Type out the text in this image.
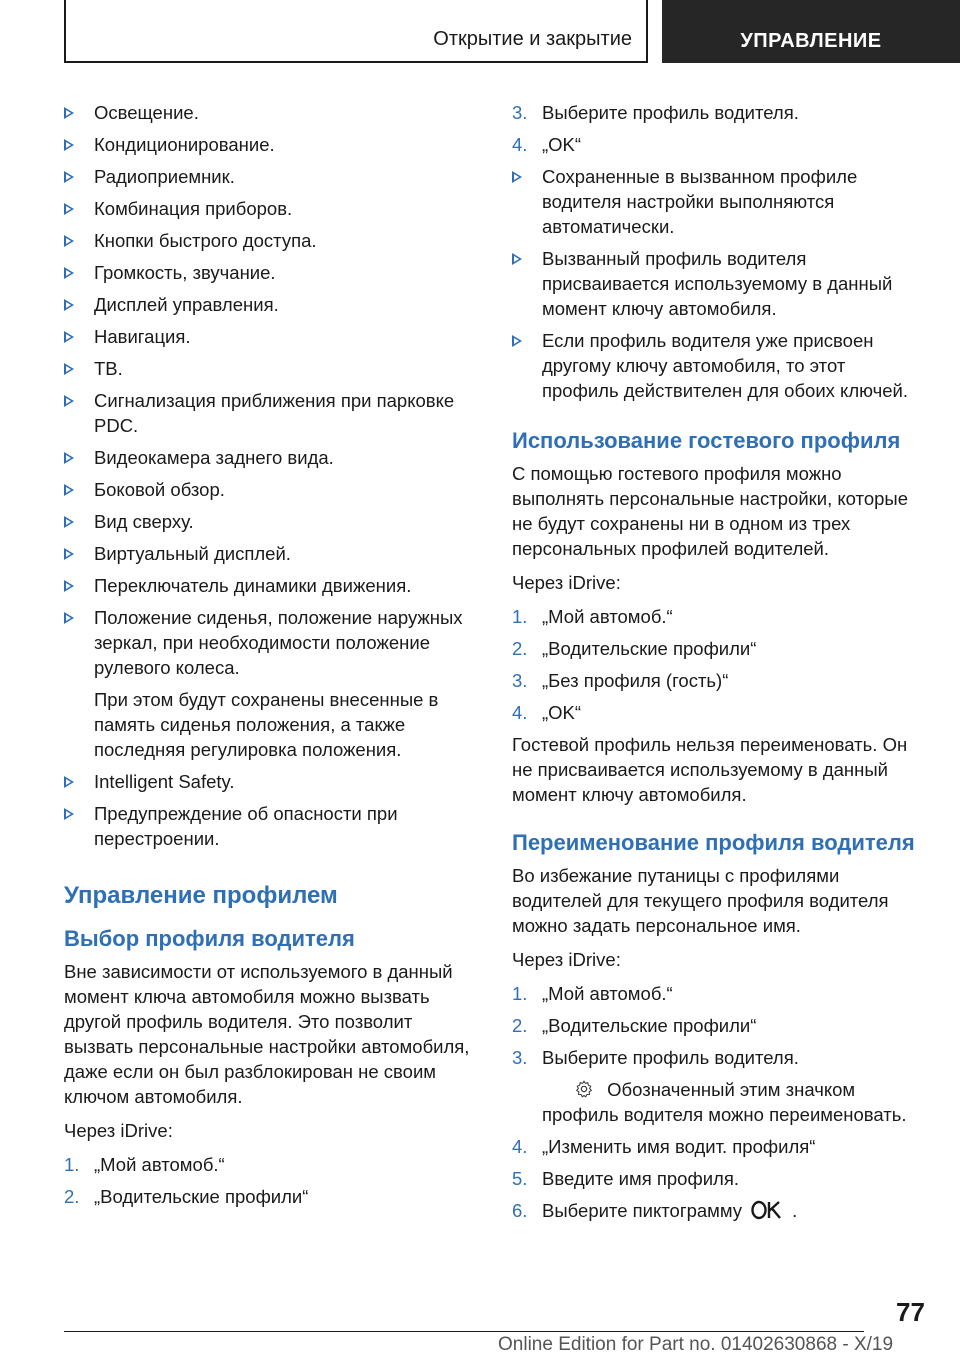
Открытие и закрытие	УПРАВЛЕНИЕ
Освещение.
Кондиционирование.
Радиоприемник.
Комбинация приборов.
Кнопки быстрого доступа.
Громкость, звучание.
Дисплей управления.
Навигация.
ТВ.
Сигнализация приближения при парковке PDC.
Видеокамера заднего вида.
Боковой обзор.
Вид сверху.
Виртуальный дисплей.
Переключатель динамики движения.
Положение сиденья, положение наружных зеркал, при необходимости положение рулевого колеса.
При этом будут сохранены внесенные в память сиденья положения, а также последняя регулировка положения.
Intelligent Safety.
Предупреждение об опасности при перестроении.
Управление профилем
Выбор профиля водителя

Вне зависимости от используемого в данный момент ключа автомобиля можно вызвать другой профиль водителя. Это позволит вызвать персональные настройки автомобиля, даже если он был разблокирован не своим ключом автомобиля.

Через iDrive:

1. „Мой автомоб.“
2. „Водительские профили“
3. Выберите профиль водителя.
4. „OK“
Сохраненные в вызванном профиле водителя настройки выполняются автоматически.
Вызванный профиль водителя присваивается используемому в данный момент ключу автомобиля.
Если профиль водителя уже присвоен другому ключу автомобиля, то этот профиль действителен для обоих ключей.
Использование гостевого профиля

С помощью гостевого профиля можно выполнять персональные настройки, которые не будут сохранены ни в одном из трех персональных профилей водителей.

Через iDrive:

1. „Мой автомоб.“
2. „Водительские профили“
3. „Без профиля (гость)“
4. „OK“

Гостевой профиль нельзя переименовать. Он не присваивается используемому в данный момент ключу автомобиля.

Переименование профиля водителя

Во избежание путаницы с профилями водителей для текущего профиля водителя можно задать персональное имя.

Через iDrive:

1. „Мой автомоб.“
2. „Водительские профили“
3. Выберите профиль водителя.
Обозначенный этим значком профиль водителя можно переименовать.
4. „Изменить имя водит. профиля“
5. Введите имя профиля.
6. Выберите пиктограмму	.
77
Online Edition for Part no. 01402630868 - X/19
